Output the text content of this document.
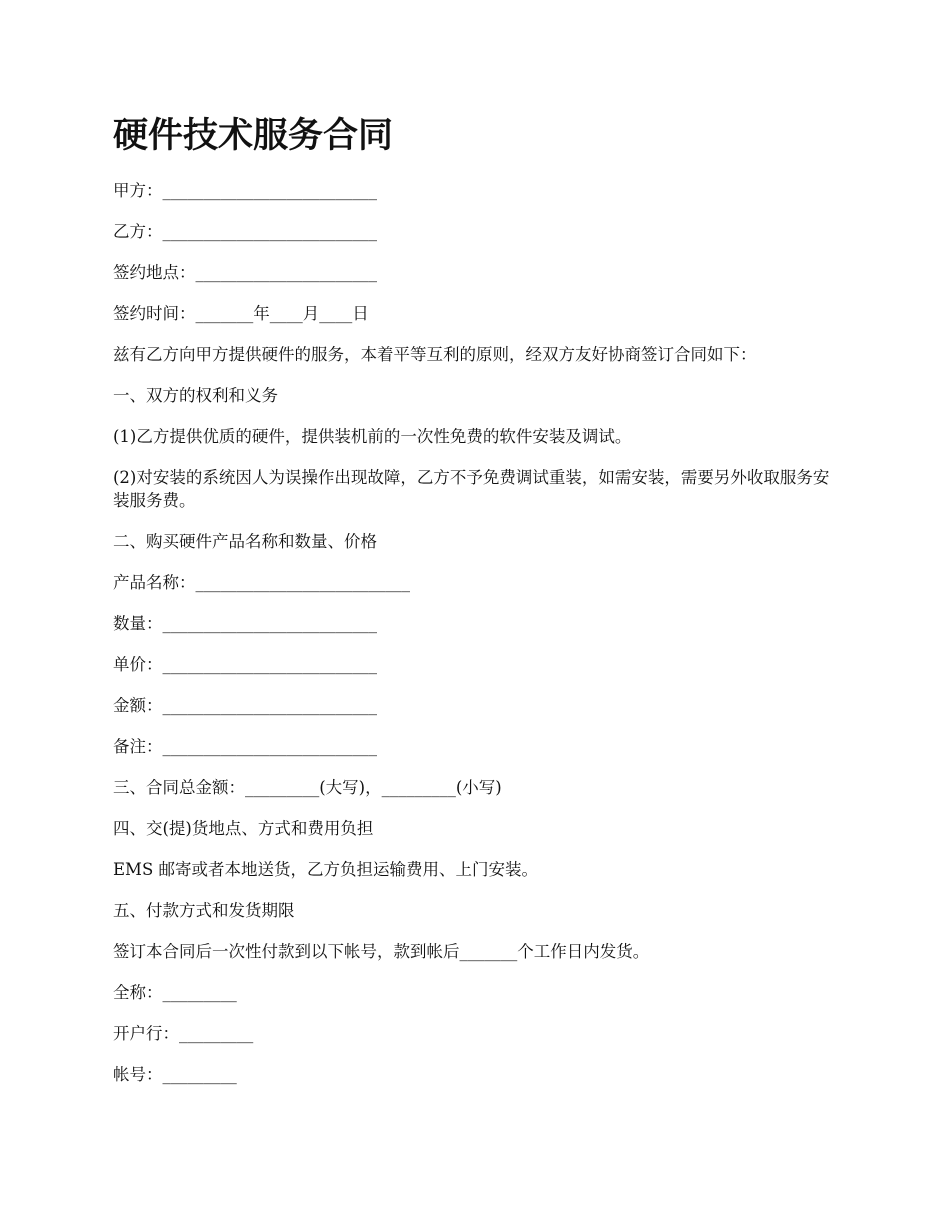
硬件技术服务合同

甲方：__________________________

乙方：__________________________

签约地点：______________________

签约时间：_______年____月____日

兹有乙方向甲方提供硬件的服务，本着平等互利的原则，经双方友好协商签订合同如下：

一、双方的权利和义务

(1)乙方提供优质的硬件，提供装机前的一次性免费的软件安装及调试。

(2)对安装的系统因人为误操作出现故障，乙方不予免费调试重装，如需安装，需要另外收取服务安装服务费。

二、购买硬件产品名称和数量、价格

产品名称：__________________________

数量：__________________________

单价：__________________________

金额：__________________________

备注：__________________________

三、合同总金额：_________(大写)，_________(小写)

四、交(提)货地点、方式和费用负担

EMS 邮寄或者本地送货，乙方负担运输费用、上门安装。

五、付款方式和发货期限

签订本合同后一次性付款到以下帐号，款到帐后_______个工作日内发货。

全称：_________

开户行：_________

帐号：_________
